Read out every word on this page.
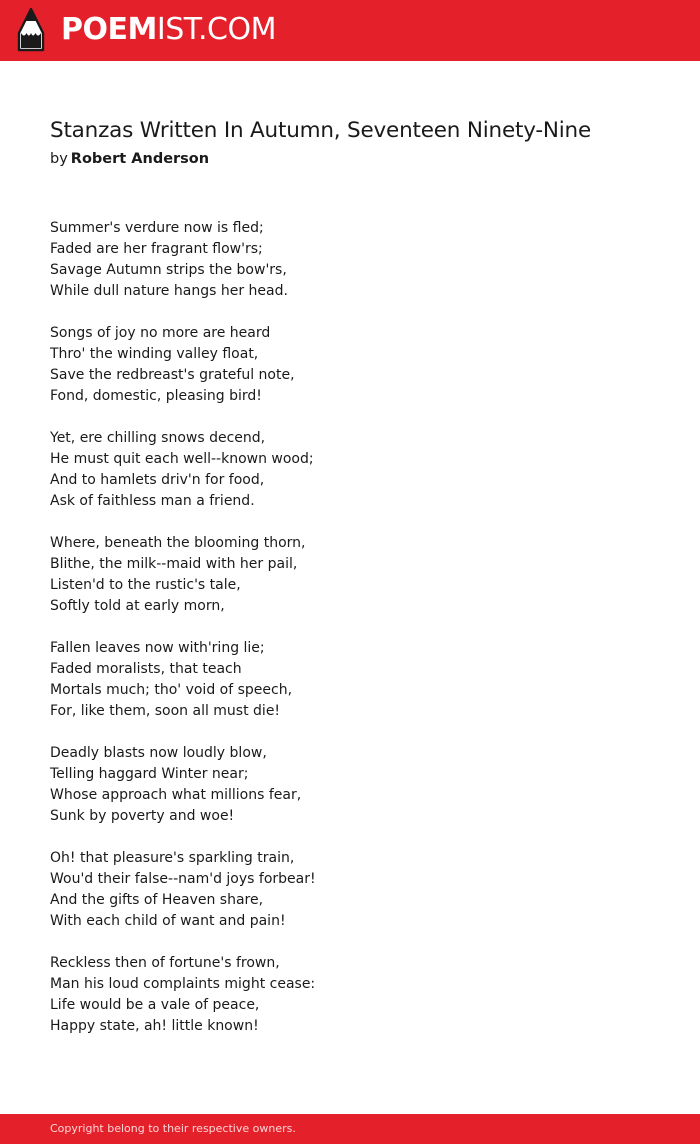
POEMIST.COM
Stanzas Written In Autumn, Seventeen Ninety-Nine
by Robert Anderson
Summer's verdure now is fled;
Faded are her fragrant flow'rs;
Savage Autumn strips the bow'rs,
While dull nature hangs her head.
Songs of joy no more are heard
Thro' the winding valley float,
Save the redbreast's grateful note,
Fond, domestic, pleasing bird!
Yet, ere chilling snows decend,
He must quit each well--known wood;
And to hamlets driv'n for food,
Ask of faithless man a friend.
Where, beneath the blooming thorn,
Blithe, the milk--maid with her pail,
Listen'd to the rustic's tale,
Softly told at early morn,
Fallen leaves now with'ring lie;
Faded moralists, that teach
Mortals much; tho' void of speech,
For, like them, soon all must die!
Deadly blasts now loudly blow,
Telling haggard Winter near;
Whose approach what millions fear,
Sunk by poverty and woe!
Oh! that pleasure's sparkling train,
Wou'd their false--nam'd joys forbear!
And the gifts of Heaven share,
With each child of want and pain!
Reckless then of fortune's frown,
Man his loud complaints might cease:
Life would be a vale of peace,
Happy state, ah! little known!
Copyright belong to their respective owners.
